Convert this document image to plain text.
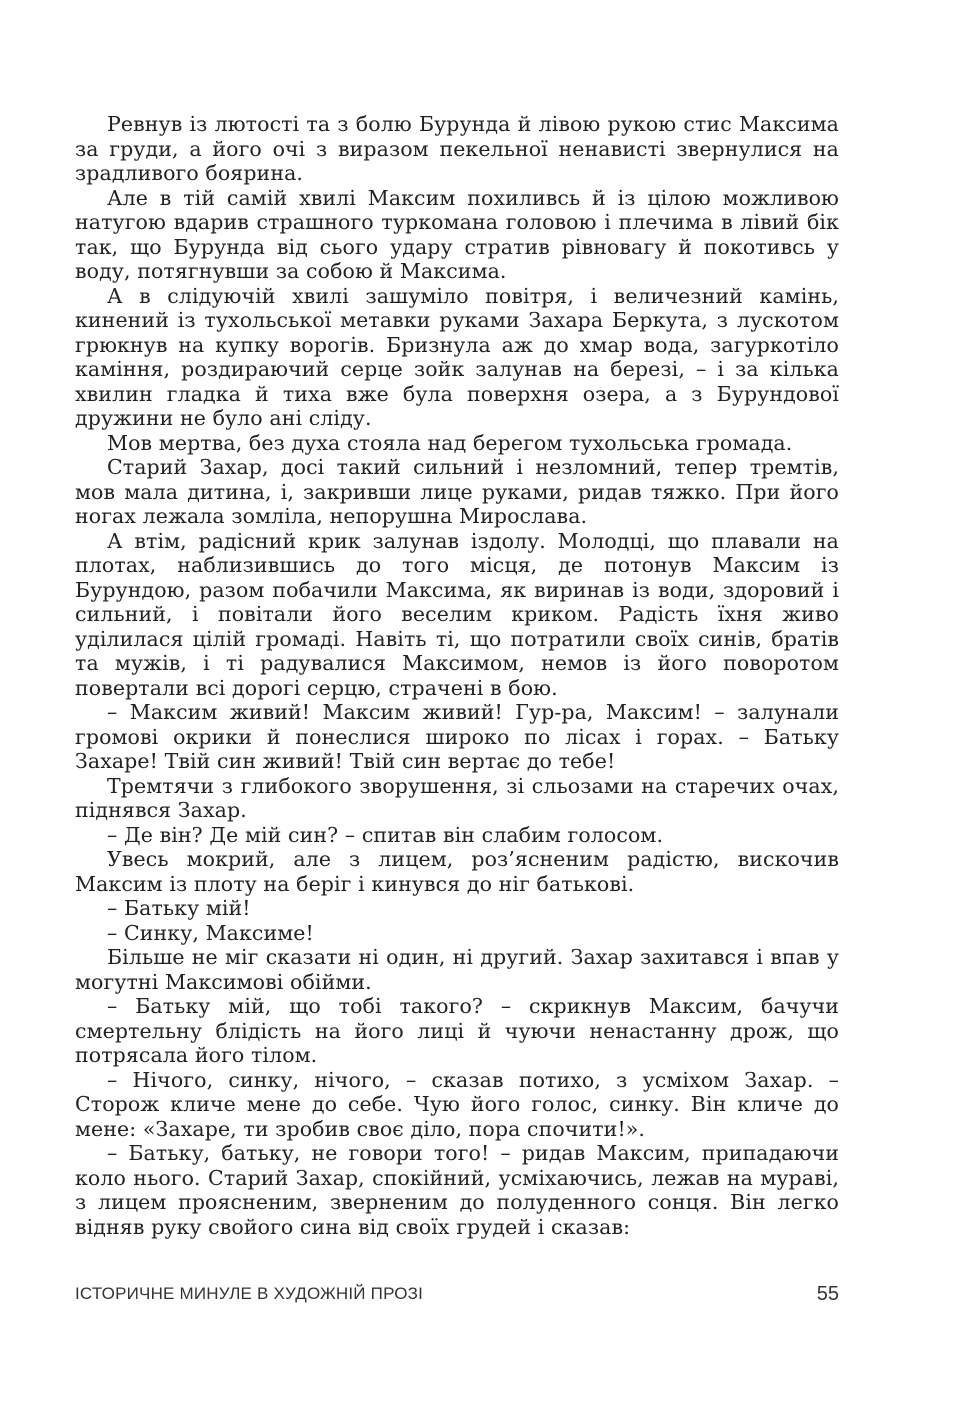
Ревнув із лютості та з болю Бурунда й лівою рукою стис Максима за груди, а його очі з виразом пекельної ненависті звернулися на зрадливого боярина.

Але в тій самій хвилі Максим похиливсь й із цілою можливою натугою вдарив страшного туркомана головою і плечима в лівий бік так, що Бурунда від сього удару стратив рівновагу й покотивсь у воду, потягнувши за собою й Максима.

А в слідуючій хвилі зашуміло повітря, і величезний камінь, кинений із тухольської метавки руками Захара Беркута, з лускотом грюкнув на купку ворогів. Бризнула аж до хмар вода, загуркотіло каміння, роздираючий серце зойк залунав на березі, – і за кілька хвилин гладка й тиха вже була поверхня озера, а з Бурундової дружини не було ані сліду.

Мов мертва, без духа стояла над берегом тухольська громада.

Старий Захар, досі такий сильний і незломний, тепер тремтів, мов мала дитина, і, закривши лице руками, ридав тяжко. При його ногах лежала зомліла, непорушна Мирослава.

А втім, радісний крик залунав іздолу. Молодці, що плавали на плотах, наблизившись до того місця, де потонув Максим із Бурундою, разом побачили Максима, як виринав із води, здоровий і сильний, і повітали його веселим криком. Радість їхня живо уділилася цілій громаді. Навіть ті, що потратили своїх синів, братів та мужів, і ті радувалися Максимом, немов із його поворотом повертали всі дорогі серцю, страчені в бою.

– Максим живий! Максим живий! Гур-ра, Максим! – залунали громові окрики й понеслися широко по лісах і горах. – Батьку Захаре! Твій син живий! Твій син вертає до тебе!

Тремтячи з глибокого зворушення, зі сльозами на старечих очах, піднявся Захар.

– Де він? Де мій син? – спитав він слабим голосом.

Увесь мокрий, але з лицем, роз’ясненим радістю, вискочив Максим із плоту на беріг і кинувся до ніг батькові.

– Батьку мій!

– Синку, Максиме!

Більше не міг сказати ні один, ні другий. Захар захитався і впав у могутні Максимові обійми.

– Батьку мій, що тобі такого? – скрикнув Максим, бачучи смертельну блідість на його лиці й чуючи ненастанну дрож, що потрясала його тілом.

– Нічого, синку, нічого, – сказав потихо, з усміхом Захар. – Сторож кличе мене до себе. Чую його голос, синку. Він кличе до мене: «Захаре, ти зробив своє діло, пора спочити!».

– Батьку, батьку, не говори того! – ридав Максим, припадаючи коло нього. Старий Захар, спокійний, усміхаючись, лежав на мураві, з лицем проясненим, зверненим до полуденного сонця. Він легко відняв руку свойого сина від своїх грудей і сказав:

ІСТОРИЧНЕ МИНУЛЕ В ХУДОЖНІЙ ПРОЗІ	55
